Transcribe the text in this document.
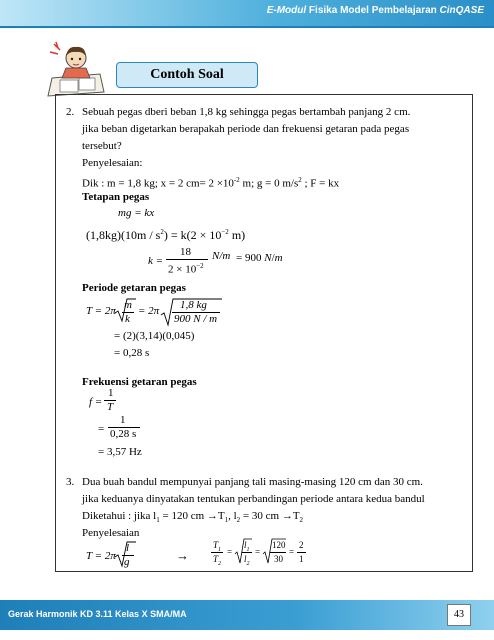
E-Modul Fisika Model Pembelajaran CinQASE
Contoh Soal
2. Sebuah pegas dberi beban 1,8 kg sehingga pegas bertambah panjang 2 cm.
jika beban digetarkan berapakah periode dan frekuensi getaran pada pegas
tersebut?
Penyelesaian:
Dik : m = 1,8 kg; x = 2 $cm= 2 \times 10^{-2}$ m; g = 0 $m/s^2$ ; F = kx
Tetapan pegas
mg = kx
$(1,8kg)(10m / s^2) = k(2 \times 10^{-2}$ m)
k =
18
$2 \times 10^{-2}$
N/m = 900 N/m
Periode getaran pegas
T = 2π m
k
= 2π 1,8 kg
900 N / m
= (2)(3,14)(0,045)
= 0,28 s
Frekuensi getaran pegas
f =
1
T
=
1
0,28 s
= 3,57 Hz
3. Dua buah bandul mempunyai panjang tali masing-masing 120 cm dan 30 cm.
jika keduanya dinyatakan tentukan perbandingan periode antara kedua bandul
Diketahui : jika $l_1 = 120$ cm $\to T_1$, $l_2 = 30$ cm $\to T_2$
Penyelesaian
T = 2π
l
g	→
$T_1$
$T_2$
=
$l_1$
$l_2$
=
120
30
=
2
1
Gerak Harmonik KD 3.11 Kelas X SMA/MA	43
